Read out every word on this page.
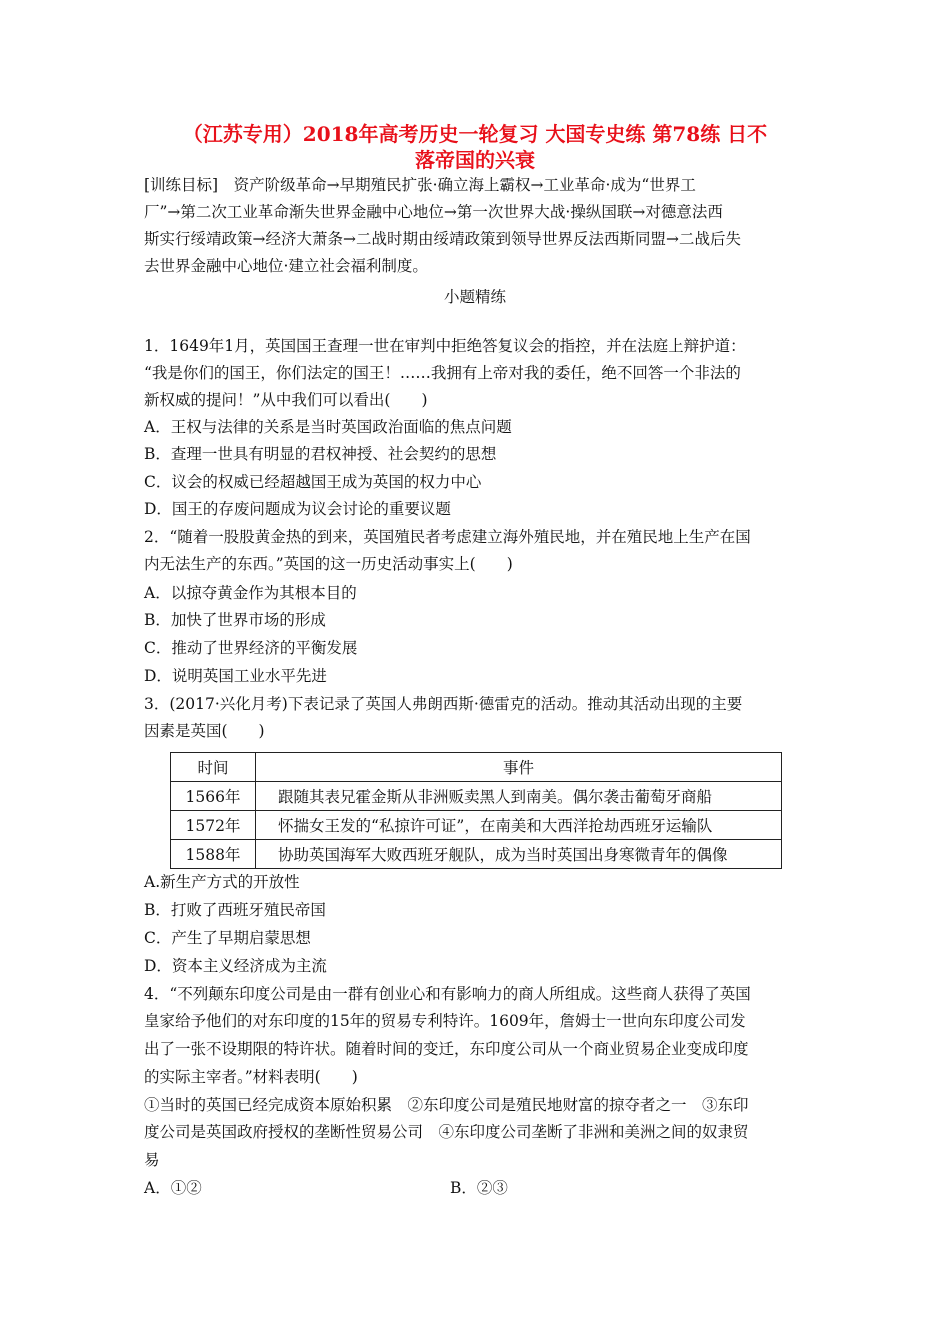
（江苏专用）2018年高考历史一轮复习 大国专史练 第78练 日不
落帝国的兴衰
[训练目标]　资产阶级革命→早期殖民扩张·确立海上霸权→工业革命·成为“世界工
厂”→第二次工业革命渐失世界金融中心地位→第一次世界大战·操纵国联→对德意法西
斯实行绥靖政策→经济大萧条→二战时期由绥靖政策到领导世界反法西斯同盟→二战后失
去世界金融中心地位·建立社会福利制度。
小题精练
1．1649年1月，英国国王查理一世在审判中拒绝答复议会的指控，并在法庭上辩护道：
“我是你们的国王，你们法定的国王！……我拥有上帝对我的委任，绝不回答一个非法的
新权威的提问！”从中我们可以看出(　　)
A．王权与法律的关系是当时英国政治面临的焦点问题
B．查理一世具有明显的君权神授、社会契约的思想
C．议会的权威已经超越国王成为英国的权力中心
D．国王的存废问题成为议会讨论的重要议题
2．“随着一股股黄金热的到来，英国殖民者考虑建立海外殖民地，并在殖民地上生产在国
内无法生产的东西。”英国的这一历史活动事实上(　　)
A．以掠夺黄金作为其根本目的
B．加快了世界市场的形成
C．推动了世界经济的平衡发展
D．说明英国工业水平先进
3．(2017·兴化月考)下表记录了英国人弗朗西斯·德雷克的活动。推动其活动出现的主要
因素是英国(　　)
时间	事件
1566年	跟随其表兄霍金斯从非洲贩卖黑人到南美。偶尔袭击葡萄牙商船
1572年	怀揣女王发的“私掠许可证”，在南美和大西洋抢劫西班牙运输队
1588年	协助英国海军大败西班牙舰队，成为当时英国出身寒微青年的偶像
A.新生产方式的开放性
B．打败了西班牙殖民帝国
C．产生了早期启蒙思想
D．资本主义经济成为主流
4．“不列颠东印度公司是由一群有创业心和有影响力的商人所组成。这些商人获得了英国
皇家给予他们的对东印度的15年的贸易专利特许。1609年，詹姆士一世向东印度公司发
出了一张不设期限的特许状。随着时间的变迁，东印度公司从一个商业贸易企业变成印度
的实际主宰者。”材料表明(　　)
①当时的英国已经完成资本原始积累　②东印度公司是殖民地财富的掠夺者之一　③东印
度公司是英国政府授权的垄断性贸易公司　④东印度公司垄断了非洲和美洲之间的奴隶贸
易
A．①②	B．②③
